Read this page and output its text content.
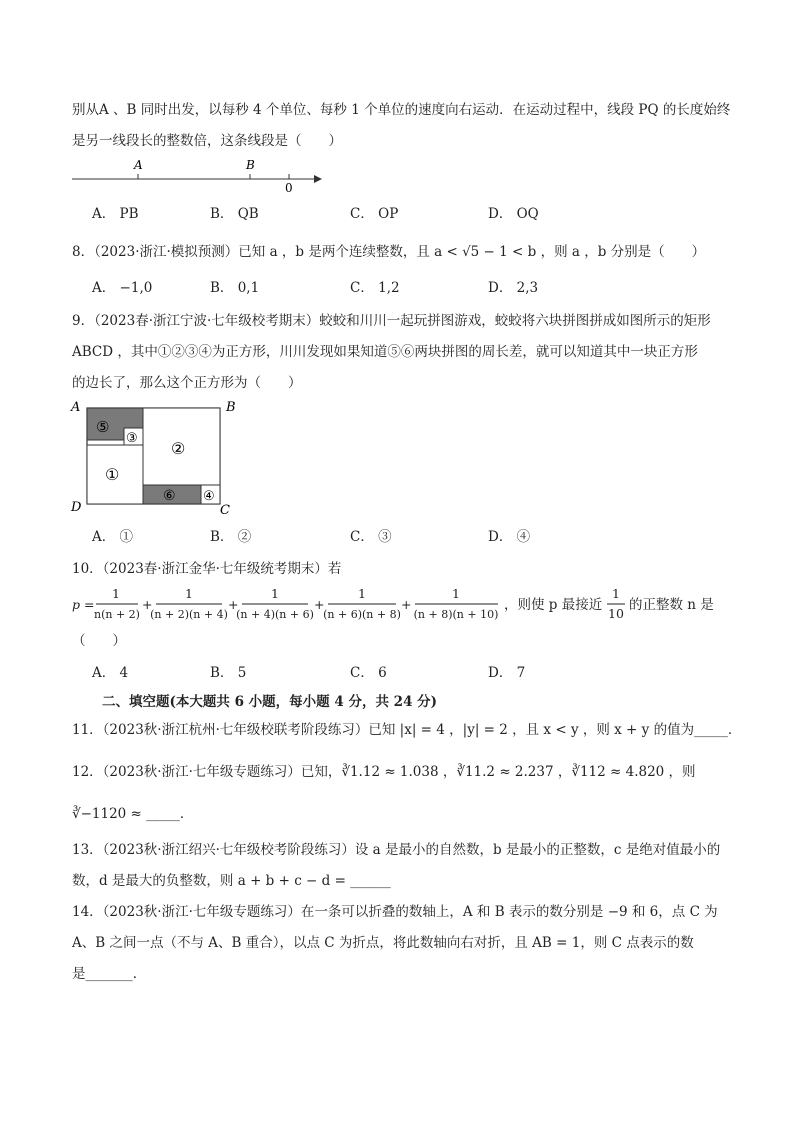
别从A 、B 同时出发，以每秒 4 个单位、每秒 1 个单位的速度向右运动．在运动过程中，线段 PQ 的长度始终
是另一线段长的整数倍，这条线段是（　　）
A	B
0
A． PB	B． QB	C． OP	D． OQ
8．（2023·浙江·模拟预测）已知 a ，b 是两个连续整数，且 a < √5 − 1 < b ，则 a ，b 分别是（　　）
A． −1,0	B． 0,1	C． 1,2	D． 2,3
9．（2023春·浙江宁波·七年级校考期末）蛟蛟和川川一起玩拼图游戏，蛟蛟将六块拼图拼成如图所示的矩形
ABCD ，其中①②③④为正方形，川川发现如果知道⑤⑥两块拼图的周长差，就可以知道其中一块正方形
的边长了，那么这个正方形为（　　）
⑤
③
①
②
⑥ ④
A	B
D	C
A． ①	B． ②	C． ③	D． ④
10．（2023春·浙江金华·七年级统考期末）若
p =
1
n(n + 2)
+
1
(n + 2)(n + 4)
+
1
(n + 4)(n + 6)
+
1
(n + 6)(n + 8)
+
1
(n + 8)(n + 10)
，则使 p 最接近
1
10
的正整数 n 是
（　　）
A． 4	B． 5	C． 6	D． 7
二、填空题(本大题共 6 小题，每小题 4 分，共 24 分)
11．（2023秋·浙江杭州·七年级校联考阶段练习）已知 |x| = 4 ，|y| = 2 ，且 x < y ，则 x + y 的值为_____．
12．（2023秋·浙江·七年级专题练习）已知，∛1.12 ≈ 1.038 ，∛11.2 ≈ 2.237 ，∛112 ≈ 4.820 ，则
∛−1120 ≈ _____．
13．（2023秋·浙江绍兴·七年级校考阶段练习）设 a 是最小的自然数，b 是最小的正整数，c 是绝对值最小的
数，d 是最大的负整数，则 a + b + c − d = ______
14．（2023秋·浙江·七年级专题练习）在一条可以折叠的数轴上，A 和 B 表示的数分别是 −9 和 6，点 C 为
A、B 之间一点（不与 A、B 重合），以点 C 为折点，将此数轴向右对折，且 AB = 1，则 C 点表示的数
是_______．
